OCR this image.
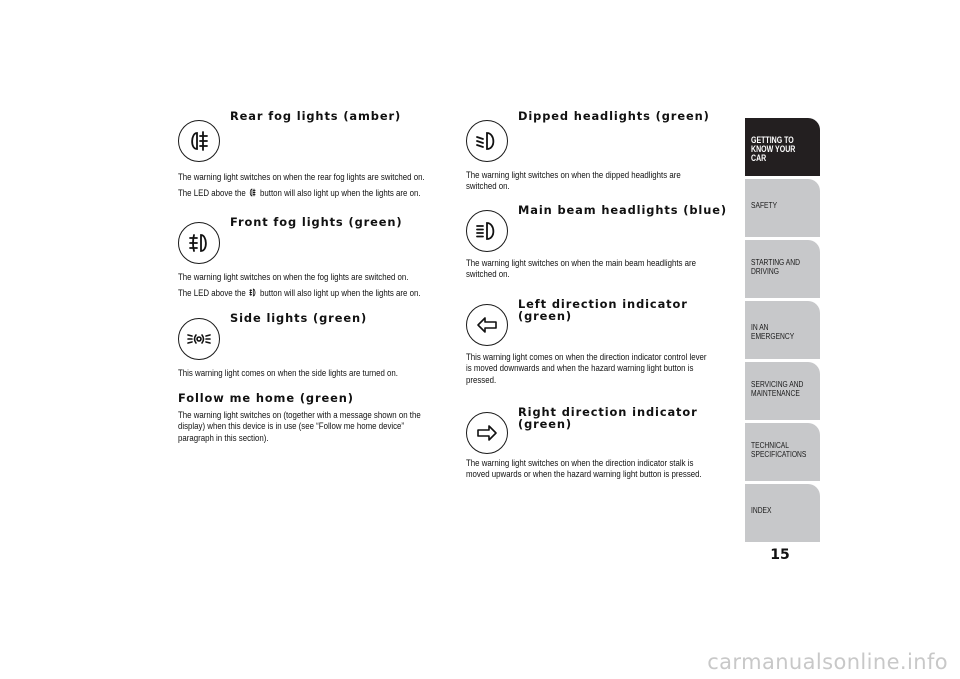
Rear fog lights (amber)

The warning light switches on when the rear fog lights are switched on.

The LED above the  button will also light up when the lights are on.

Front fog lights (green)

The warning light switches on when the fog lights are switched on.

The LED above the  button will also light up when the lights are on.

Side lights (green)

This warning light comes on when the side lights are turned on.

Follow me home (green)

The warning light switches on (together with a message shown on the

display) when this device is in use (see “Follow me home device”

paragraph in this section).

Dipped headlights (green)

The warning light switches on when the dipped headlights are

switched on.

Main beam headlights (blue)

The warning light switches on when the main beam headlights are

switched on.

Left direction indicator
(green)

This warning light comes on when the direction indicator control lever

is moved downwards and when the hazard warning light button is

pressed.

Right direction indicator
(green)

The warning light switches on when the direction indicator stalk is

moved upwards or when the hazard warning light button is pressed.

GETTING TO
KNOW YOUR CAR
SAFETY
STARTING AND
DRIVING
IN AN EMERGENCY
SERVICING AND
MAINTENANCE
TECHNICAL
SPECIFICATIONS
INDEX
15
carmanualsonline.info
